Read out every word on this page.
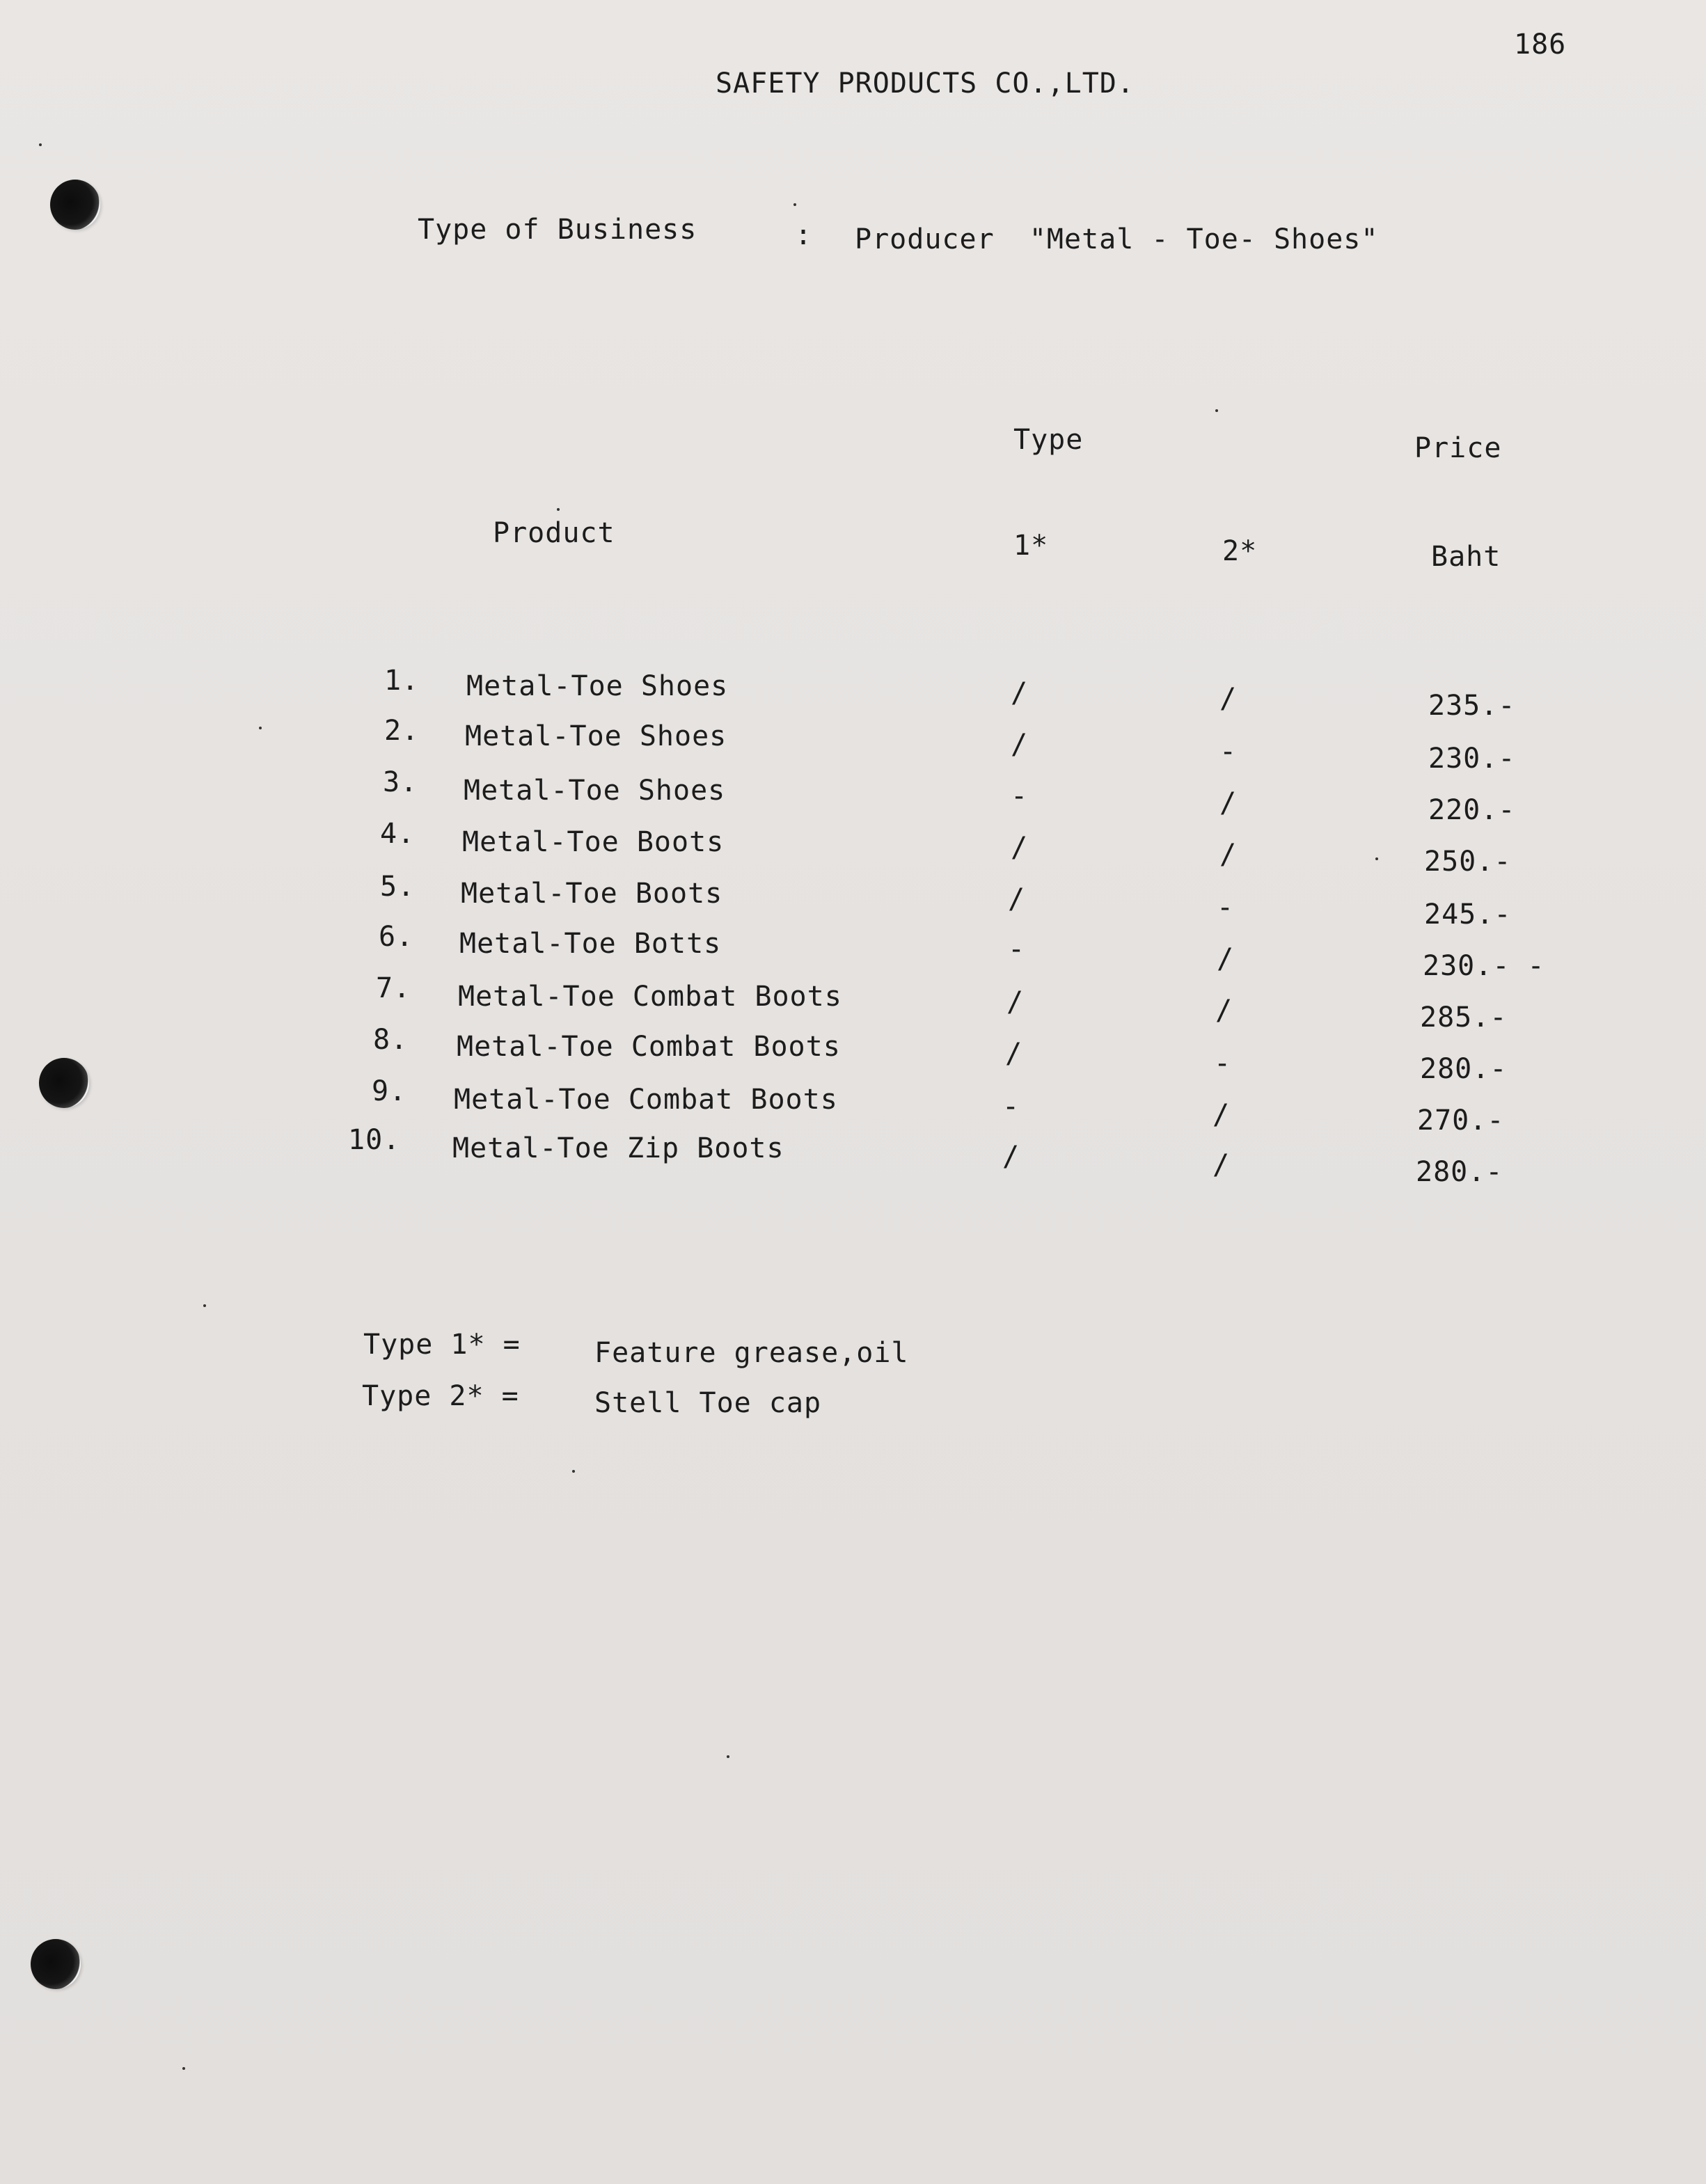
186
SAFETY PRODUCTS CO.,LTD.
Type of Business	: Producer  "Metal - Toe- Shoes"
Type	Price
Product	1*	2*	Baht
1. Metal-Toe Shoes	/	/	235.-
2. Metal-Toe Shoes	/	-	230.-
3. Metal-Toe Shoes	-	/	220.-
4. Metal-Toe Boots	/	/	250.-
5. Metal-Toe Boots	/	-	245.-
6. Metal-Toe Botts	-	/	230.- -
7. Metal-Toe Combat Boots	/	/	285.-
8. Metal-Toe Combat Boots	/	-	280.-
9. Metal-Toe Combat Boots	-	/	270.-
10. Metal-Toe Zip Boots	/	/	280.-
Type 1* =	Feature grease,oil
Type 2* =	Stell Toe cap
